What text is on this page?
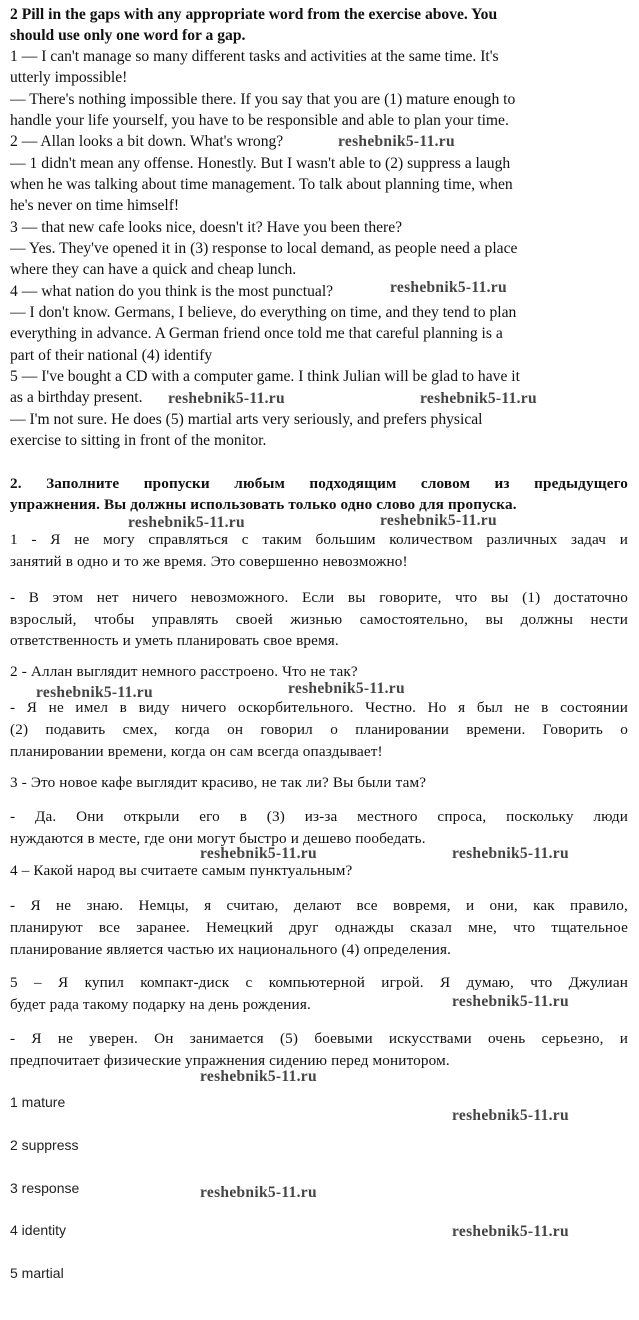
2 Pill in the gaps with any appropriate word from the exercise above. You
should use only one word for a gap.
1 — I can't manage so many different tasks and activities at the same time. It's
utterly impossible!
— There's nothing impossible there. If you say that you are (1) mature enough to
handle your life yourself, you have to be responsible and able to plan your time.
2 — Allan looks a bit down. What's wrong?
— 1 didn't mean any offense. Honestly. But I wasn't able to (2) suppress a laugh
when he was talking about time management. To talk about planning time, when
he's never on time himself!
3 — that new cafe looks nice, doesn't it? Have you been there?
— Yes. They've opened it in (3) response to local demand, as people need a place
where they can have a quick and cheap lunch.
4 — what nation do you think is the most punctual?
— I don't know. Germans, I believe, do everything on time, and they tend to plan
everything in advance. A German friend once told me that careful planning is a
part of their national (4) identify
5 — I've bought a CD with a computer game. I think Julian will be glad to have it
as a birthday present.
— I'm not sure. He does (5) martial arts very seriously, and prefers physical
exercise to sitting in front of the monitor.
2. Заполните пропуски любым подходящим словом из предыдущего
упражнения. Вы должны использовать только одно слово для пропуска.
1 - Я не могу справляться с таким большим количеством различных задач и
занятий в одно и то же время. Это совершенно невозможно!
- В этом нет ничего невозможного. Если вы говорите, что вы (1) достаточно
взрослый, чтобы управлять своей жизнью самостоятельно, вы должны нести
ответственность и уметь планировать свое время.
2 - Аллан выглядит немного расстроено. Что не так?
- Я не имел в виду ничего оскорбительного. Честно. Но я был не в состоянии
(2) подавить смех, когда он говорил о планировании времени. Говорить о
планировании времени, когда он сам всегда опаздывает!
3 - Это новое кафе выглядит красиво, не так ли? Вы были там?
- Да. Они открыли его в (3) из-за местного спроса, поскольку люди
нуждаются в месте, где они могут быстро и дешево пообедать.
4 – Какой народ вы считаете самым пунктуальным?
- Я не знаю. Немцы, я считаю, делают все вовремя, и они, как правило,
планируют все заранее. Немецкий друг однажды сказал мне, что тщательное
планирование является частью их национального (4) определения.
5 – Я купил компакт-диск с компьютерной игрой. Я думаю, что Джулиан
будет рада такому подарку на день рождения.
- Я не уверен. Он занимается (5) боевыми искусствами очень серьезно, и
предпочитает физические упражнения сидению перед монитором.
1 mature
2 suppress
3 response
4 identity
5 martial
reshebnik5-11.ru
reshebnik5-11.ru
reshebnik5-11.ru	reshebnik5-11.ru
reshebnik5-11.ru	reshebnik5-11.ru
reshebnik5-11.ru	reshebnik5-11.ru
reshebnik5-11.ru	reshebnik5-11.ru
reshebnik5-11.ru
reshebnik5-11.ru
reshebnik5-11.ru
reshebnik5-11.ru
reshebnik5-11.ru
